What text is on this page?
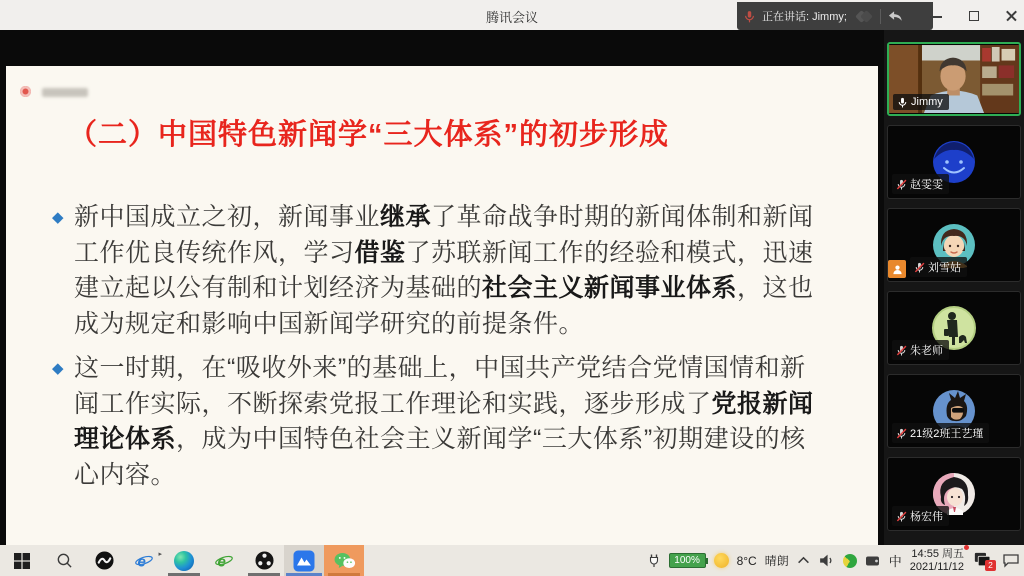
腾讯会议	正在讲话: Jimmy;
（二）中国特色新闻学“三大体系”的初步形成
◆ 新中国成立之初，新闻事业继承了革命战争时期的新闻体制和新闻工作优良传统作风，学习借鉴了苏联新闻工作的经验和模式，迅速建立起以公有制和计划经济为基础的社会主义新闻事业体系，这也成为规定和影响中国新闻学研究的前提条件。
◆ 这一时期，在“吸收外来”的基础上，中国共产党结合党情国情和新闻工作实际，不断探索党报工作理论和实践，逐步形成了党报新闻理论体系，成为中国特色社会主义新闻学“三大体系”初期建设的核心内容。
Jimmy
赵雯雯
刘雪姑
朱老师
21级2班王艺瑾
杨宏伟
e ▸	e	100%	8°C 晴朗	中
14:55 周五
2021/11/12	2
